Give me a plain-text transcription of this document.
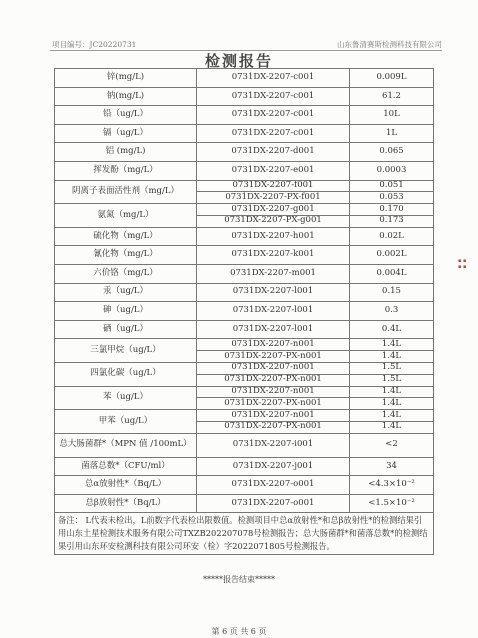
项目编号：JC20220731	山东鲁清赛斯检测科技有限公司
检测报告
锌(mg/L)	0731DX-2207-c001	0.009L
钠(mg/L)	0731DX-2207-c001	61.2
铅（ug/L）	0731DX-2207-c001	10L
镉（ug/L）	0731DX-2207-c001	1L
铝 (mg/L)	0731DX-2207-d001	0.065
挥发酚（mg/L）	0731DX-2207-e001	0.0003
阴离子表面活性剂（mg/L）	0731DX-2207-f001	0.051
	0731DX-2207-PX-f001	0.053
氨氮（mg/L）	0731DX-2207-g001	0.170
	0731DX-2207-PX-g001	0.173
硫化物（mg/L）	0731DX-2207-h001	0.02L
氰化物（mg/L）	0731DX-2207-k001	0.002L
六价铬（mg/L）	0731DX-2207-m001	0.004L
汞（ug/L）	0731DX-2207-l001	0.15
砷（ug/L）	0731DX-2207-l001	0.3
硒（ug/L）	0731DX-2207-l001	0.4L
三氯甲烷（ug/L）	0731DX-2207-n001	1.4L
	0731DX-2207-PX-n001	1.4L
四氯化碳（ug/L）	0731DX-2207-n001	1.5L
	0731DX-2207-PX-n001	1.5L
苯（ug/L）	0731DX-2207-n001	1.4L
	0731DX-2207-PX-n001	1.4L
甲苯（ug/L）	0731DX-2207-n001	1.4L
	0731DX-2207-PX-n001	1.4L
总大肠菌群*（MPN 值 /100mL）	0731DX-2207-i001	<2
菌落总数*（CFU/ml）	0731DX-2207-j001	34
总α放射性*（Bq/L）	0731DX-2207-o001	<4.3×10⁻²
总β放射性*（Bq/L）	0731DX-2207-o001	<1.5×10⁻²
备注： L代表未检出，L前数字代表检出限数值。检测项目中总α放射性*和总β放射性*的检测结果引用山东土星检测技术服务有限公司TXZB202207078号检测报告；总大肠菌群*和菌落总数*的检测结果引用山东环安检测科技有限公司环安（检）字2022071805号检测报告。		
*****报告结束*****
第 6 页 共 6 页
▪ ▪ ▪ ▪
